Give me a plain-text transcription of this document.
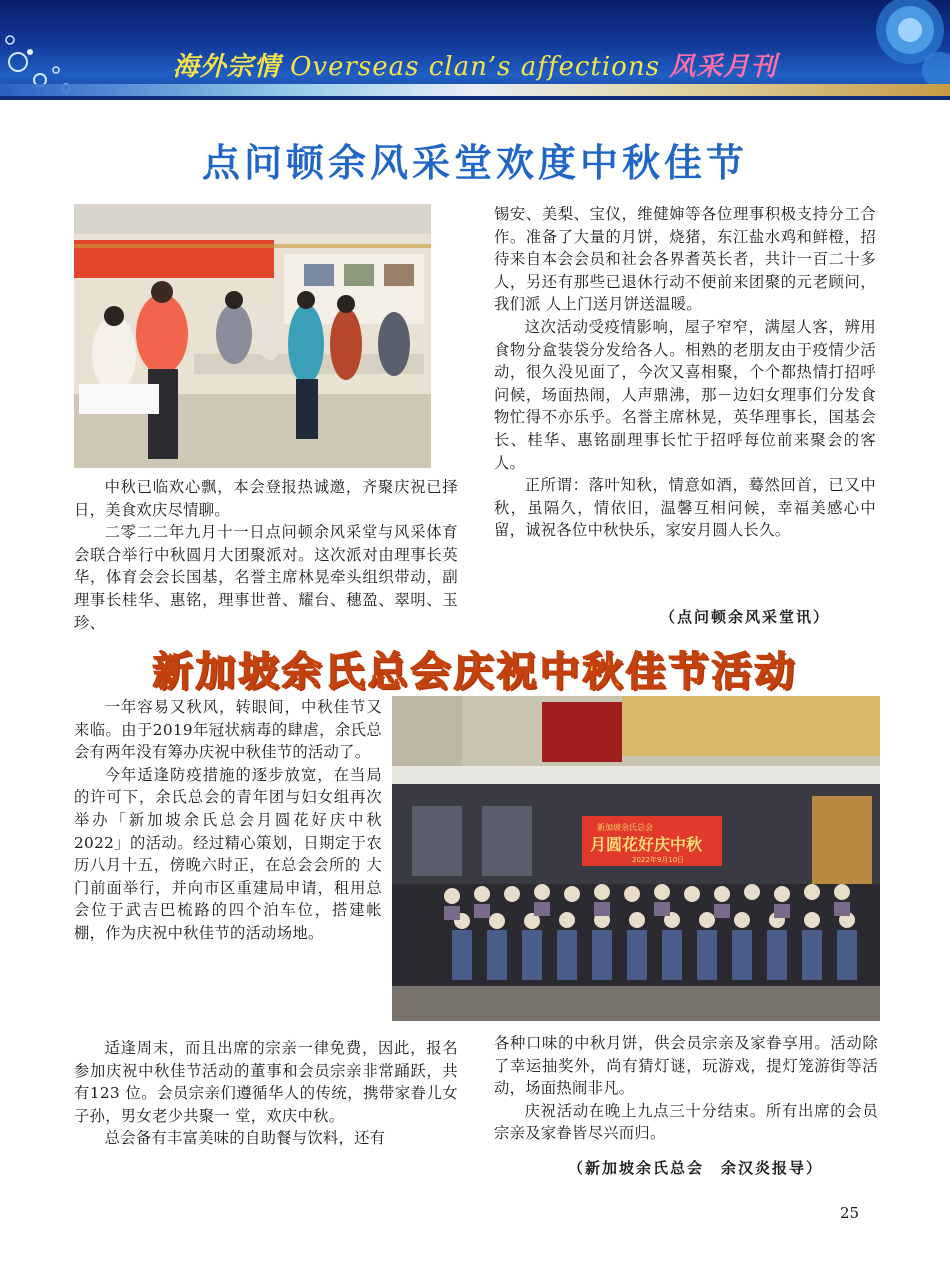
海外宗情 Overseas clan’s affections 风采月刊
点问顿余风采堂欢度中秋佳节

中秋已临欢心飘，本会登报热诚邀，齐聚庆祝已择日，美食欢庆尽情聊。

二零二二年九月十一日点问顿余风采堂与风采体育会联合举行中秋圆月大团聚派对。这次派对由理事长英华，体育会会长国基，名誉主席林晃牵头组织带动，副理事长桂华、惠铭，理事世普、耀台、穗盈、翠明、玉珍、

锡安、美梨、宝仪，维健婶等各位理事积极支持分工合作。准备了大量的月饼，烧猪，东江盐水鸡和鲜橙，招待来自本会会员和社会各界耆英长者，共计一百二十多人，另还有那些已退休行动不便前来团聚的元老顾问，我们派 人上门送月饼送温暖。

这次活动受疫情影响，屋子窄窄，满屋人客，辨用食物分盒装袋分发给各人。相熟的老朋友由于疫情少活动，很久没见面了，今次又喜相聚，个个都热情打招呼问候，场面热闹，人声鼎沸，那－边妇女理事们分发食物忙得不亦乐乎。名誉主席林晃，英华理事长，国基会长、桂华、惠铭副理事长忙于招呼每位前来聚会的客人。

正所谓：落叶知秋，情意如酒，蓦然回首，已又中秋，虽隔久，情依旧，温馨互相问候，幸福美感心中留，诚祝各位中秋快乐，家安月圆人长久。

（点问顿余风采堂讯）
新加坡余氏总会庆祝中秋佳节活动

一年容易又秋风，转眼间，中秋佳节又来临。由于2019年冠状病毒的肆虐，余氏总会有两年没有筹办庆祝中秋佳节的活动了。

今年适逢防疫措施的逐步放宽，在当局的许可下，余氏总会的青年团与妇女组再次举办「新加坡余氏总会月圆花好庆中秋 2022」的活动。经过精心策划，日期定于农历八月十五，傍晚六时正，在总会会所的 大门前面举行，并向市区重建局申请，租用总会位于武吉巴梳路的四个泊车位，搭建帐棚，作为庆祝中秋佳节的活动场地。

新加坡余氏总会
月圆花好庆中秋
2022年9月10日

适逢周末，而且出席的宗亲一律免费，因此，报名参加庆祝中秋佳节活动的董事和会员宗亲非常踊跃，共有123 位。会员宗亲们遵循华人的传统，携带家眷儿女子孙，男女老少共聚一 堂，欢庆中秋。

总会备有丰富美味的自助餐与饮料，还有

各种口味的中秋月饼，供会员宗亲及家眷享用。活动除了幸运抽奖外，尚有猜灯谜，玩游戏，提灯笼游街等活动，场面热闹非凡。

庆祝活动在晚上九点三十分结束。所有出席的会员宗亲及家眷皆尽兴而归。

（新加坡余氏总会　余汉炎报导）
25
